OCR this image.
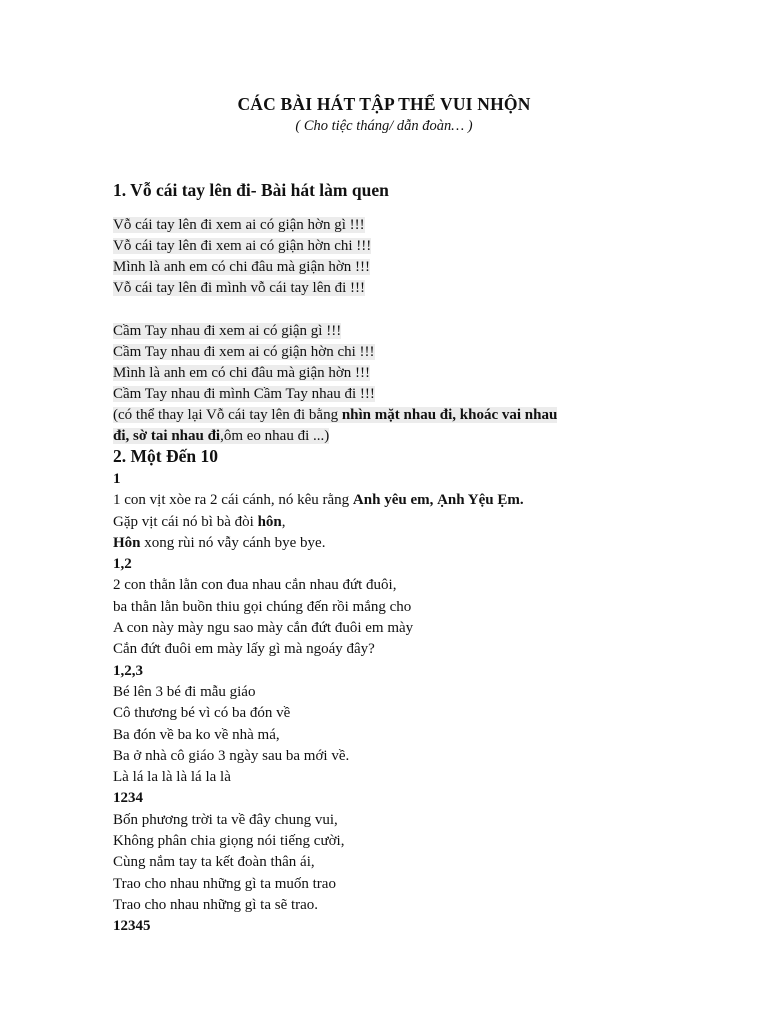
CÁC BÀI HÁT TẬP THỂ VUI NHỘN
( Cho tiệc tháng/ dẫn đoàn… )
1. Vỗ cái tay lên đi- Bài hát làm quen
Vỗ cái tay lên đi xem ai có giận hờn gì !!!
Vỗ cái tay lên đi xem ai có giận hờn chi !!!
Mình là anh em có chi đâu mà giận hờn !!!
Vỗ cái tay lên đi mình vỗ cái tay lên đi !!!
Cầm Tay nhau đi xem ai có giận gì !!!
Cầm Tay nhau đi xem ai có giận hờn chi !!!
Mình là anh em có chi đâu mà giận hờn !!!
Cầm Tay nhau đi mình Cầm Tay nhau đi !!!
(có thể thay lại Vỗ cái tay lên đi bằng nhìn mặt nhau đi, khoác vai nhau
đi, sờ tai nhau đi,ôm eo nhau đi ...)
2. Một Đến 10
1
1 con vịt xòe ra 2 cái cánh, nó kêu rằng Anh yêu em, Ạnh Yệu Ẹm.
Gặp vịt cái nó bì bà đòi hôn,
Hôn xong rùi nó vẫy cánh bye bye.
1,2
2 con thằn lằn con đua nhau cắn nhau đứt đuôi,
ba thằn lằn buồn thiu gọi chúng đến rồi mắng cho
A con này mày ngu sao mày cắn đứt đuôi em mày
Cắn đứt đuôi em mày lấy gì mà ngoáy đây?
1,2,3
Bé lên 3 bé đi mẫu giáo
Cô thương bé vì có ba đón về
Ba đón về ba ko về nhà má,
Ba ở nhà cô giáo 3 ngày sau ba mới về.
Là lá la là là lá la là
1234
Bốn phương trời ta về đây chung vui,
Không phân chia giọng nói tiếng cười,
Cùng nắm tay ta kết đoàn thân ái,
Trao cho nhau những gì ta muốn trao
Trao cho nhau những gì ta sẽ trao.
12345
